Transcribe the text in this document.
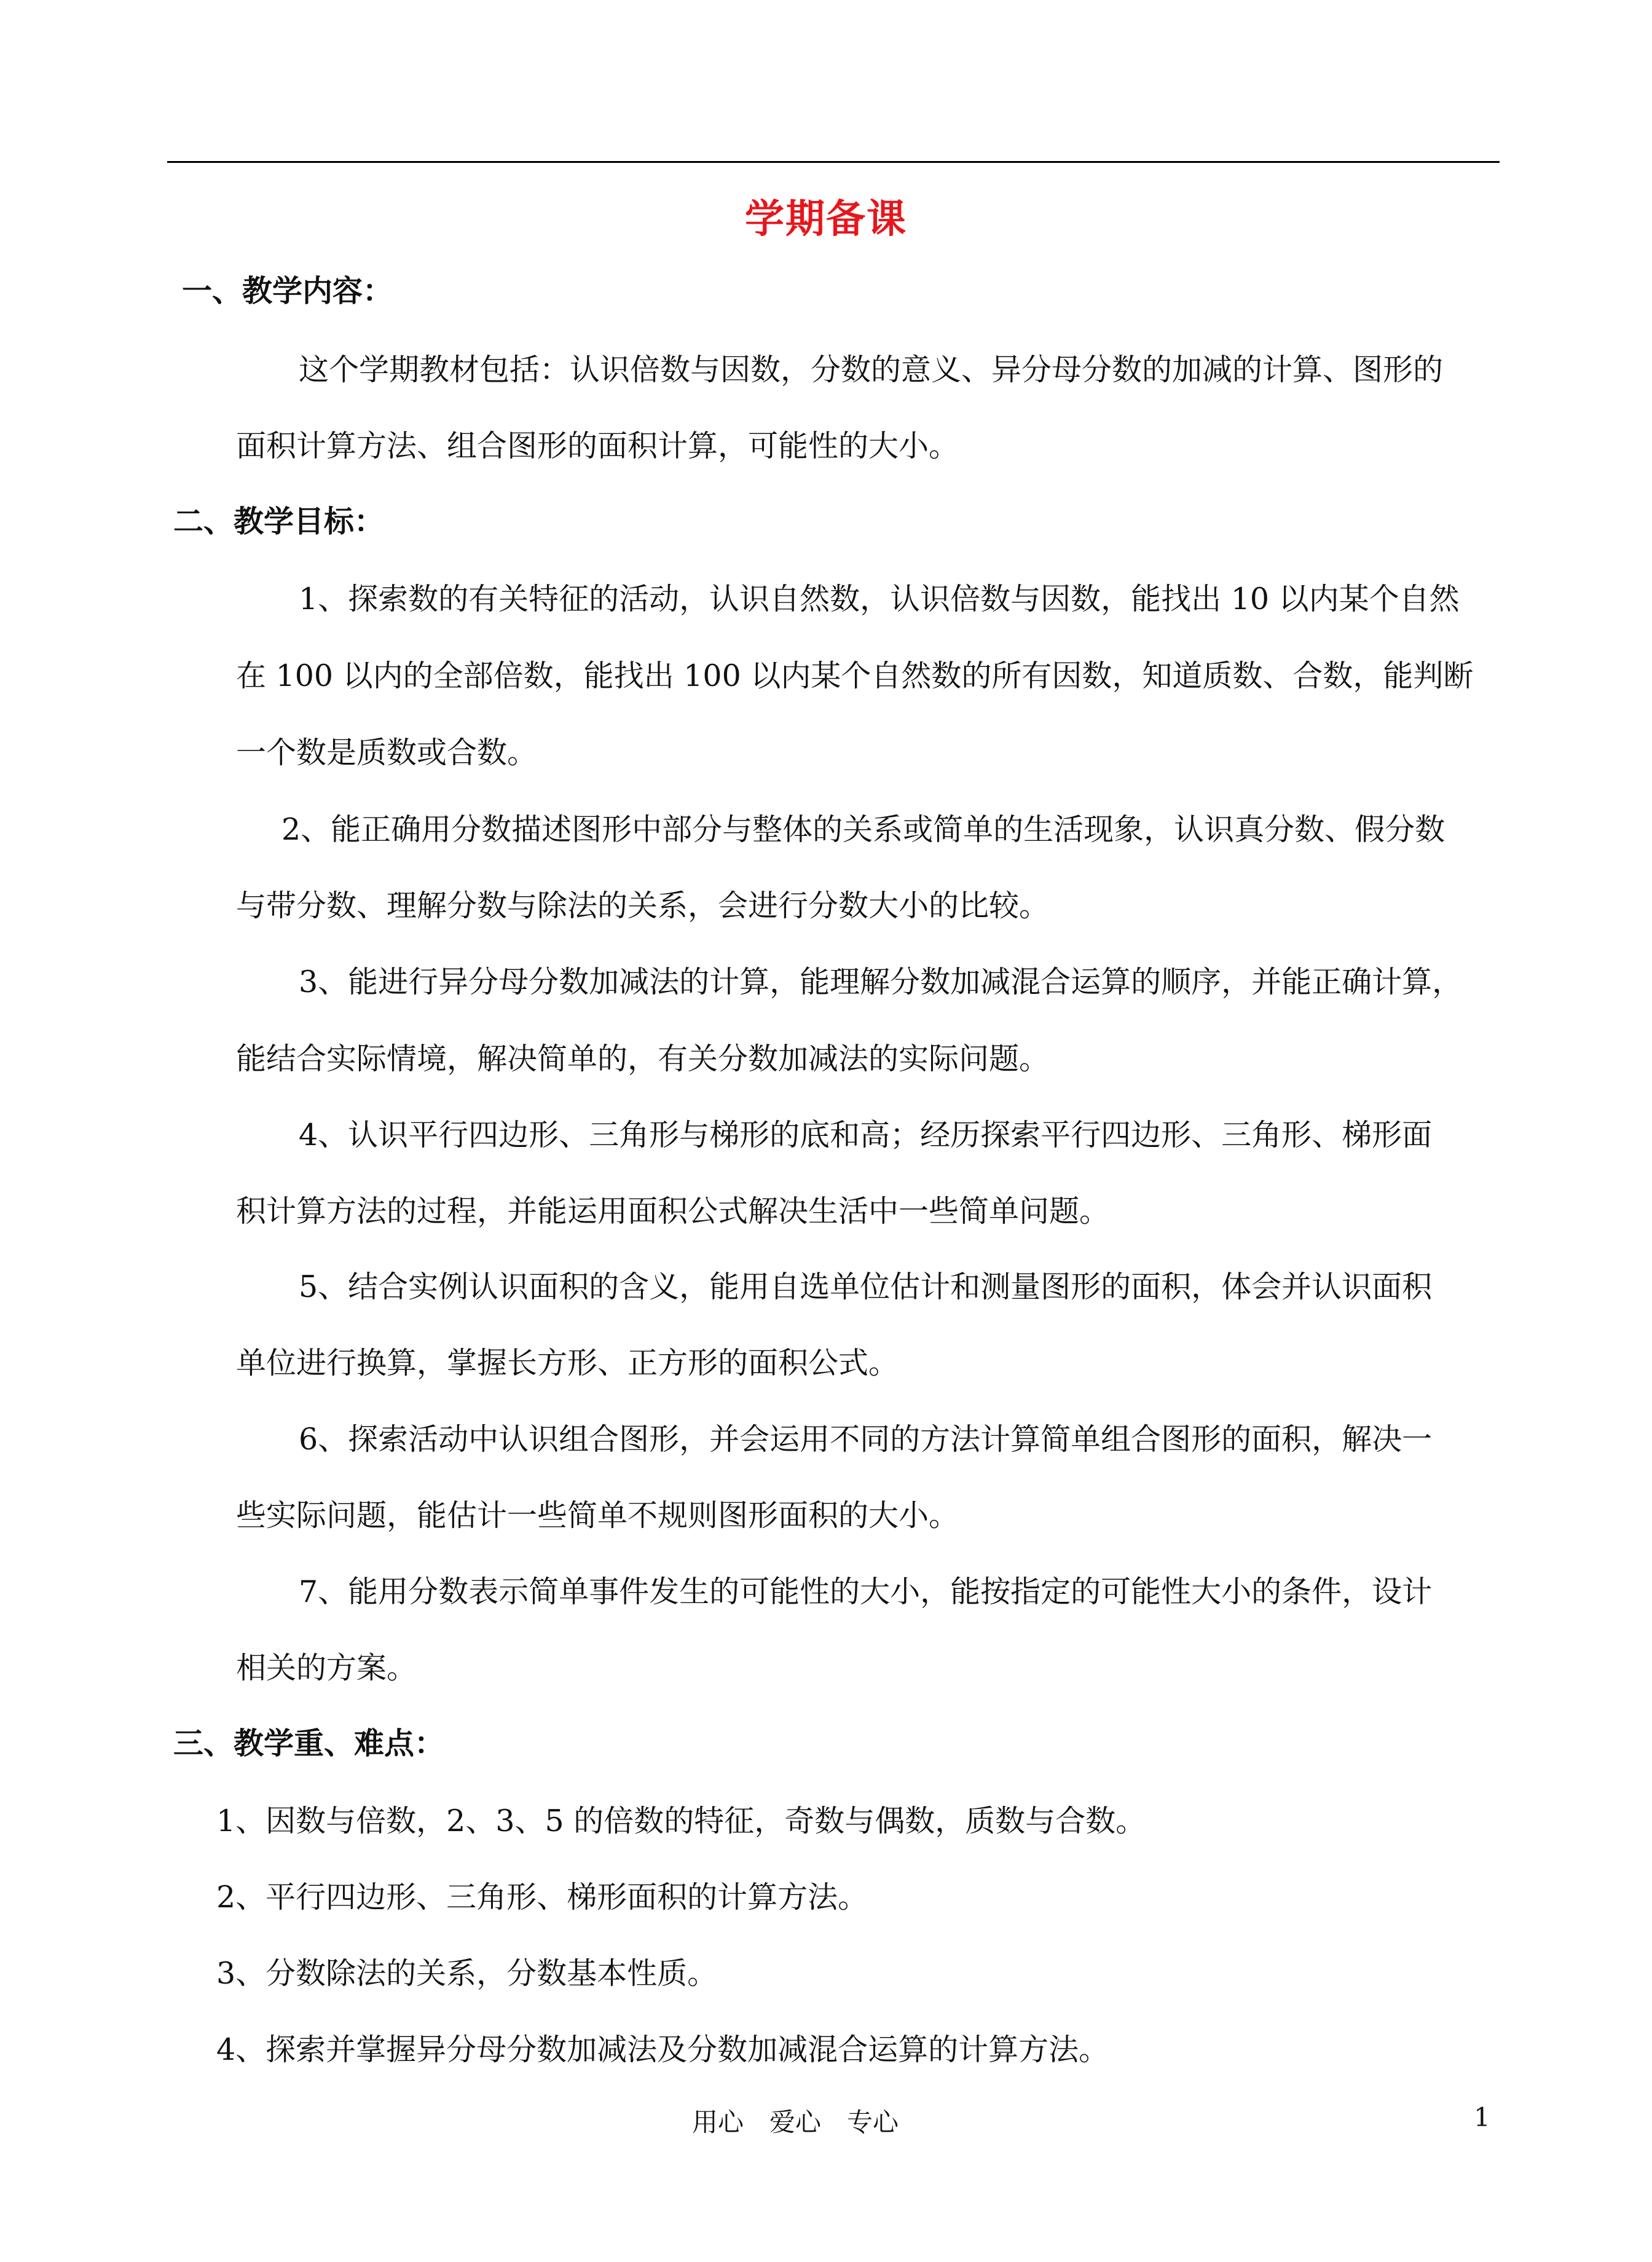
学期备课
一、教学内容：
这个学期教材包括：认识倍数与因数，分数的意义、异分母分数的加减的计算、图形的
面积计算方法、组合图形的面积计算，可能性的大小。
二、教学目标：
1、探索数的有关特征的活动，认识自然数，认识倍数与因数，能找出 10 以内某个自然
在 100 以内的全部倍数，能找出 100 以内某个自然数的所有因数，知道质数、合数，能判断
一个数是质数或合数。
2、能正确用分数描述图形中部分与整体的关系或简单的生活现象，认识真分数、假分数
与带分数、理解分数与除法的关系，会进行分数大小的比较。
3、能进行异分母分数加减法的计算，能理解分数加减混合运算的顺序，并能正确计算，
能结合实际情境，解决简单的，有关分数加减法的实际问题。
4、认识平行四边形、三角形与梯形的底和高；经历探索平行四边形、三角形、梯形面
积计算方法的过程，并能运用面积公式解决生活中一些简单问题。
5、结合实例认识面积的含义，能用自选单位估计和测量图形的面积，体会并认识面积
单位进行换算，掌握长方形、正方形的面积公式。
6、探索活动中认识组合图形，并会运用不同的方法计算简单组合图形的面积，解决一
些实际问题，能估计一些简单不规则图形面积的大小。
7、能用分数表示简单事件发生的可能性的大小，能按指定的可能性大小的条件，设计
相关的方案。
三、教学重、难点：
1、因数与倍数，2、3、5 的倍数的特征，奇数与偶数，质数与合数。
2、平行四边形、三角形、梯形面积的计算方法。
3、分数除法的关系，分数基本性质。
4、探索并掌握异分母分数加减法及分数加减混合运算的计算方法。
用心　爱心　专心	1
